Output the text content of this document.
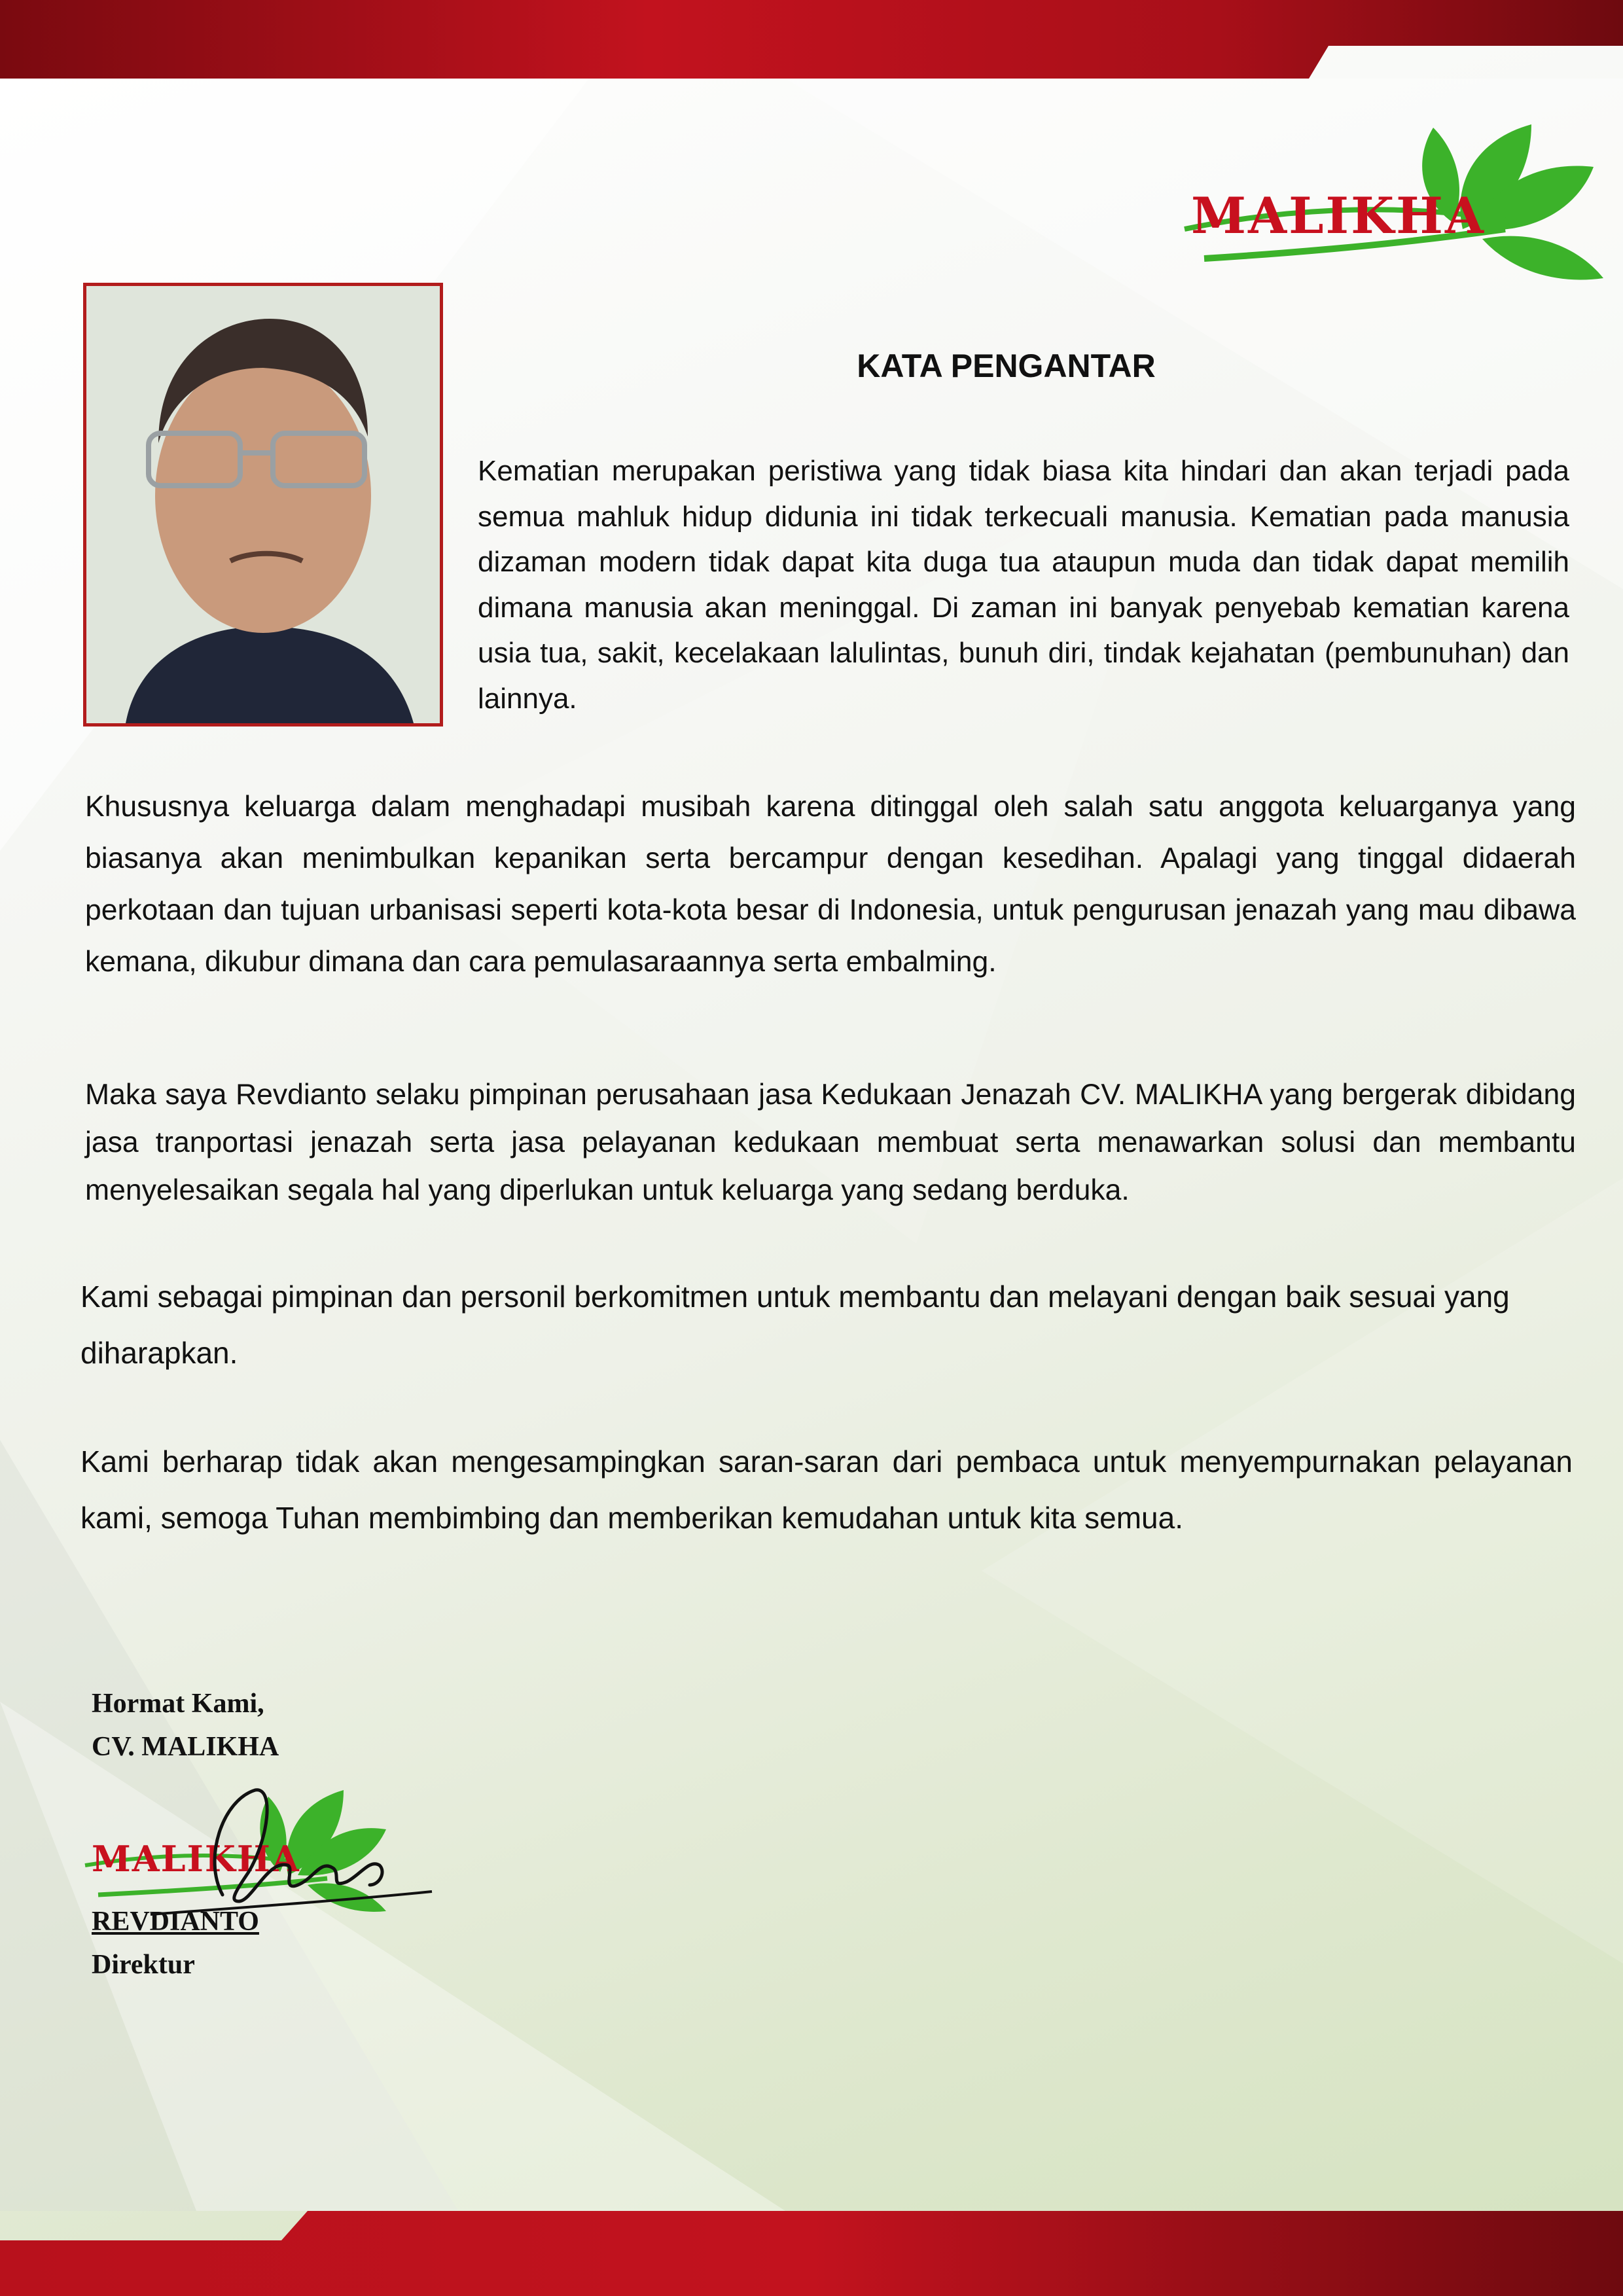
MALIKHA
KATA PENGANTAR

Kematian merupakan peristiwa yang tidak biasa kita hindari dan akan terjadi pada semua mahluk hidup didunia ini tidak terkecuali manusia. Kematian pada manusia dizaman modern tidak dapat kita duga tua ataupun muda dan tidak dapat memilih dimana manusia akan meninggal. Di zaman ini banyak penyebab kematian karena usia tua, sakit, kecelakaan lalulintas, bunuh diri, tindak kejahatan (pembunuhan) dan lainnya.

Khususnya keluarga dalam menghadapi musibah karena ditinggal oleh salah satu anggota keluarganya yang biasanya akan menimbulkan kepanikan serta bercampur dengan kesedihan. Apalagi yang tinggal didaerah perkotaan dan tujuan urbanisasi seperti kota-kota besar di Indonesia, untuk pengurusan jenazah yang mau dibawa kemana, dikubur dimana dan cara pemulasaraannya serta embalming.

Maka saya Revdianto selaku pimpinan perusahaan jasa Kedukaan Jenazah CV. MALIKHA yang bergerak dibidang jasa tranportasi jenazah serta jasa pelayanan kedukaan membuat serta menawarkan solusi dan membantu menyelesaikan segala hal yang diperlukan untuk keluarga yang sedang berduka.

Kami sebagai pimpinan dan personil berkomitmen untuk membantu dan melayani dengan baik sesuai yang diharapkan.

Kami berharap tidak akan mengesampingkan saran-saran dari pembaca untuk menyempurnakan pelayanan kami, semoga Tuhan membimbing dan memberikan kemudahan untuk kita semua.

Hormat Kami,
CV. MALIKHA
MALIKHA
REVDIANTO
Direktur
